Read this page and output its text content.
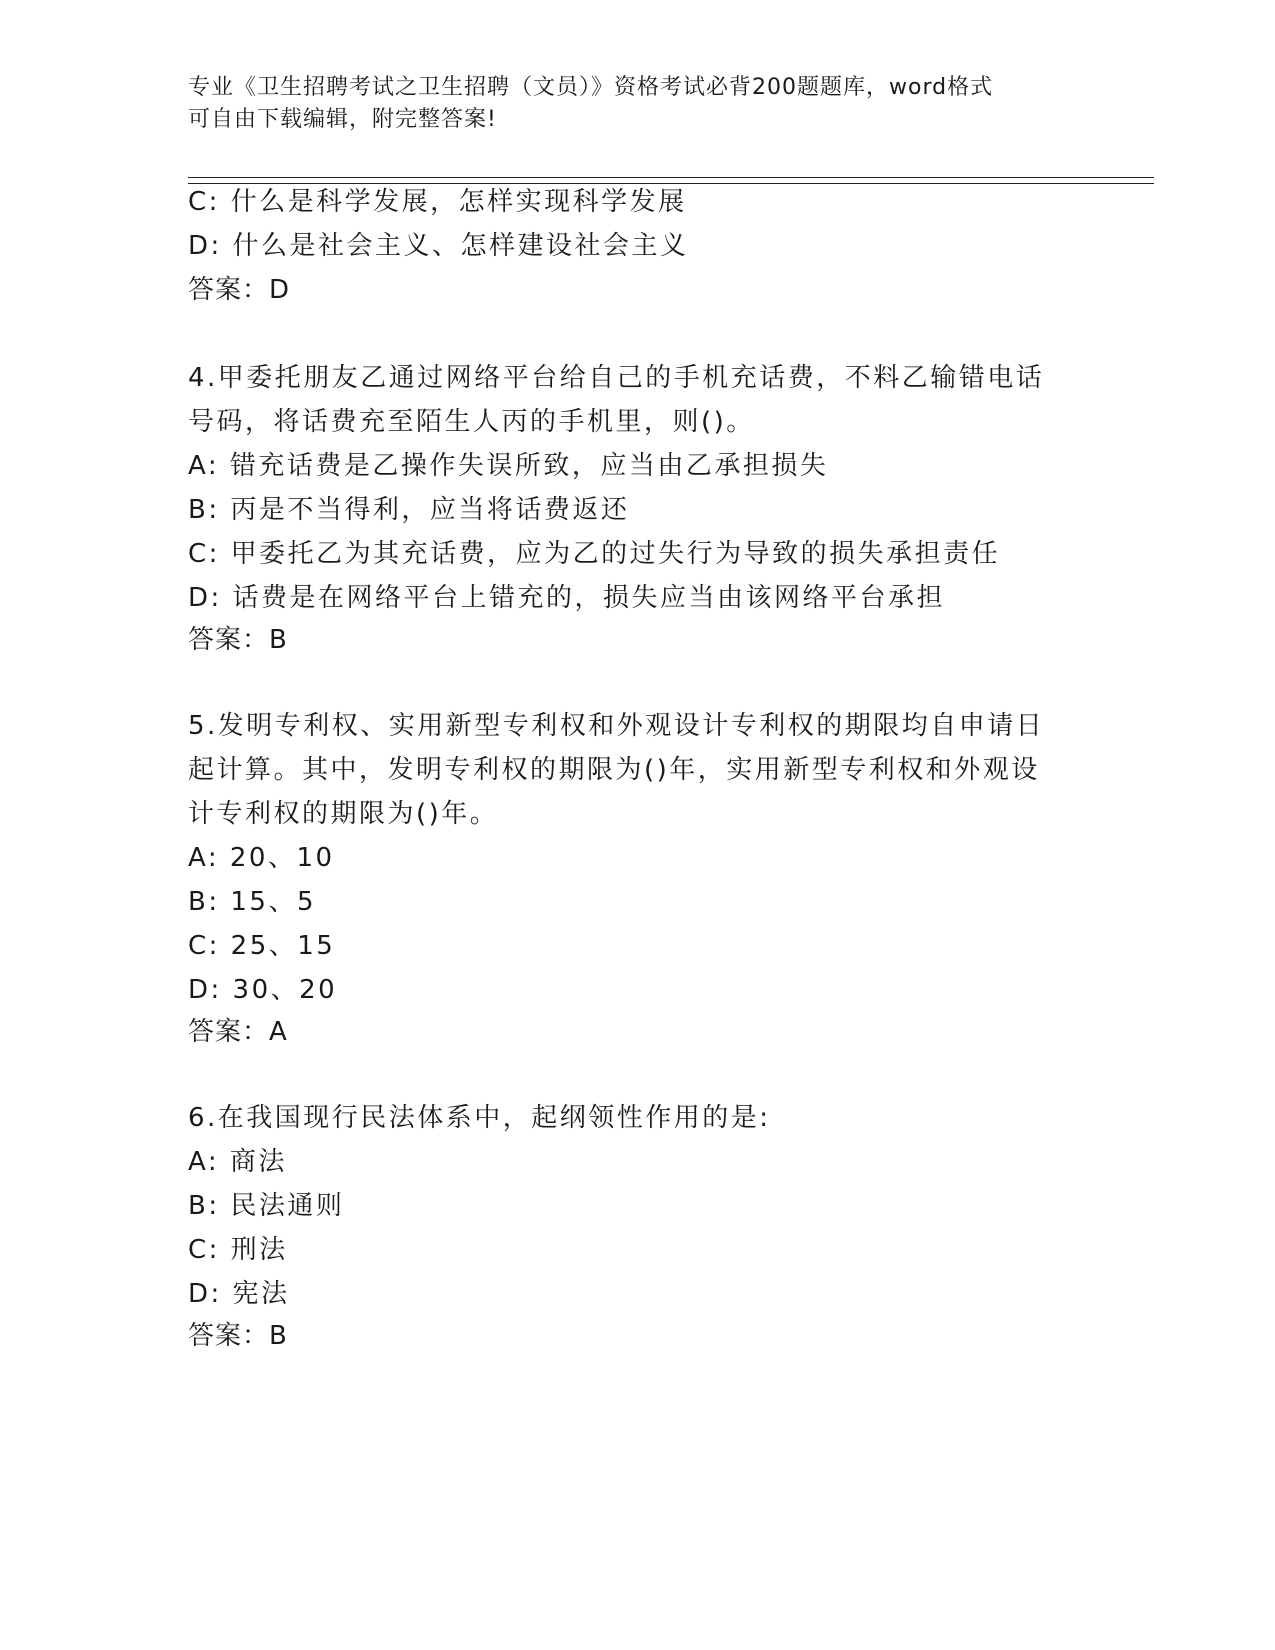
专业《卫生招聘考试之卫生招聘（文员）》资格考试必背200题题库，word格式
可自由下载编辑，附完整答案!
C: 什么是科学发展，怎样实现科学发展
D: 什么是社会主义、怎样建设社会主义
答案：D
4.甲委托朋友乙通过网络平台给自己的手机充话费，不料乙输错电话
号码，将话费充至陌生人丙的手机里，则()。
A: 错充话费是乙操作失误所致，应当由乙承担损失
B: 丙是不当得利，应当将话费返还
C: 甲委托乙为其充话费，应为乙的过失行为导致的损失承担责任
D: 话费是在网络平台上错充的，损失应当由该网络平台承担
答案：B
5.发明专利权、实用新型专利权和外观设计专利权的期限均自申请日
起计算。其中，发明专利权的期限为()年，实用新型专利权和外观设
计专利权的期限为()年。
A: 20、10
B: 15、5
C: 25、15
D: 30、20
答案：A
6.在我国现行民法体系中，起纲领性作用的是:
A: 商法
B: 民法通则
C: 刑法
D: 宪法
答案：B
